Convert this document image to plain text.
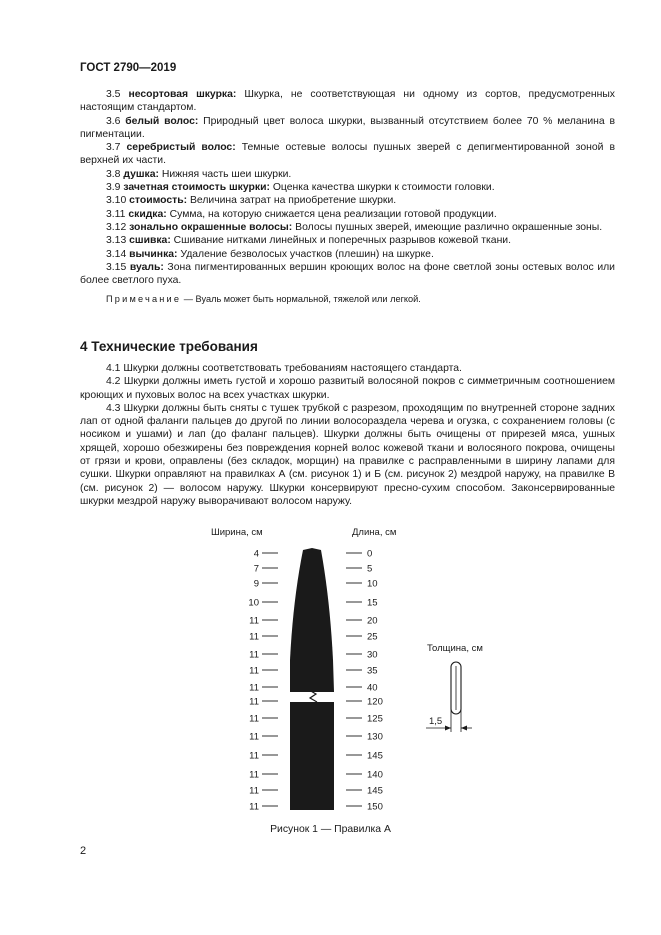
ГОСТ 2790—2019

3.5 несортовая шкурка: Шкурка, не соответствующая ни одному из сортов, предусмотренных настоящим стандартом.

3.6 белый волос: Природный цвет волоса шкурки, вызванный отсутствием более 70 % меланина в пигментации.

3.7 серебристый волос: Темные остевые волосы пушных зверей с депигментированной зоной в верхней их части.

3.8 душка: Нижняя часть шеи шкурки.

3.9 зачетная стоимость шкурки: Оценка качества шкурки к стоимости головки.

3.10 стоимость: Величина затрат на приобретение шкурки.

3.11 скидка: Сумма, на которую снижается цена реализации готовой продукции.

3.12 зонально окрашенные волосы: Волосы пушных зверей, имеющие различно окрашенные зоны.

3.13 сшивка: Сшивание нитками линейных и поперечных разрывов кожевой ткани.

3.14 вычинка: Удаление безволосых участков (плешин) на шкурке.

3.15 вуаль: Зона пигментированных вершин кроющих волос на фоне светлой зоны остевых волос или более светлого пуха.

Примечание — Вуаль может быть нормальной, тяжелой или легкой.

4 Технические требования

4.1 Шкурки должны соответствовать требованиям настоящего стандарта.

4.2 Шкурки должны иметь густой и хорошо развитый волосяной покров с симметричным соотношением кроющих и пуховых волос на всех участках шкурки.

4.3 Шкурки должны быть сняты с тушек трубкой с разрезом, проходящим по внутренней стороне задних лап от одной фаланги пальцев до другой по линии волосораздела черева и огузка, с сохранением головы (с носиком и ушами) и лап (до фаланг пальцев). Шкурки должны быть очищены от прирезей мяса, ушных хрящей, хорошо обезжирены без повреждения корней волос кожевой ткани и волосяного покрова, очищены от грязи и крови, оправлены (без складок, морщин) на правилке с расправленными в ширину лапами для сушки. Шкурки оправляют на правилках А (см. рисунок 1) и Б (см. рисунок 2) мездрой наружу, на правилке В (см. рисунок 2) — волосом наружу. Шкурки консервируют пресно-сухим способом. Законсервированные шкурки мездрой наружу выворачивают волосом наружу.

Ширина, см	Длина, см
4	0
7	5
9	10
10	15
11	20
11	25
11	30
11	35
11	40
11	120
11	125
11	130
11	145
11	140
11	145
11	150
Толщина, см
1,5
Рисунок 1 — Правилка А
2
